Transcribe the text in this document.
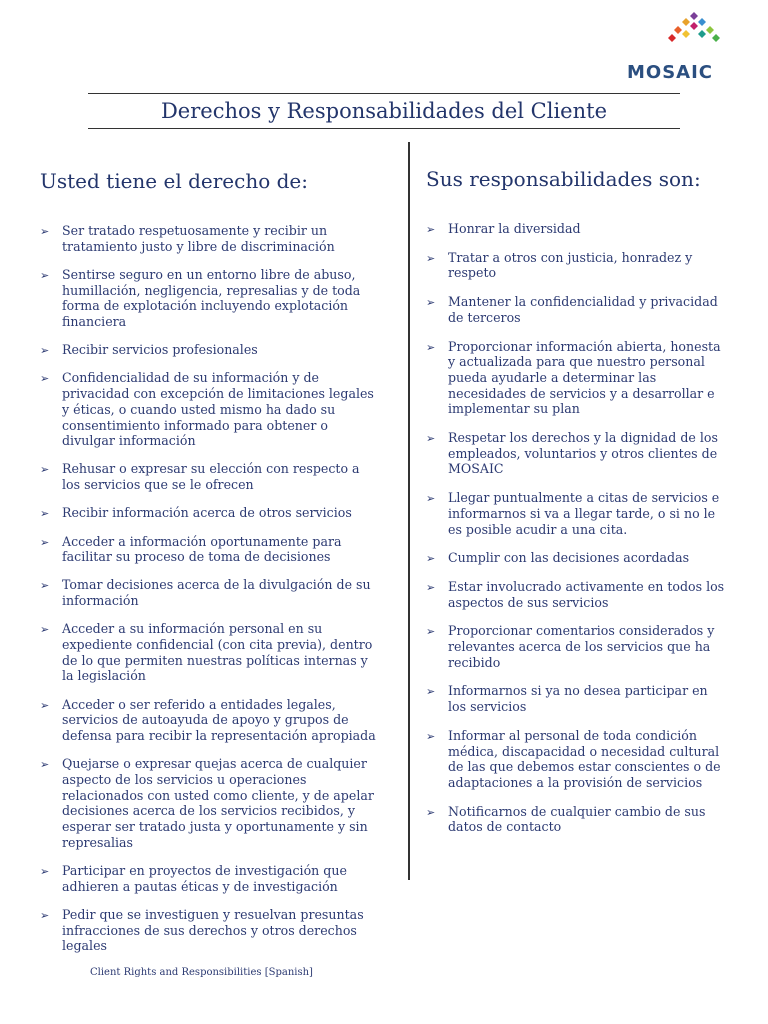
MOSAIC
Derechos y Responsabilidades del Cliente
Usted tiene el derecho de:
➢ Ser tratado respetuosamente y recibir un tratamiento justo y libre de discriminación
➢ Sentirse seguro en un entorno libre de abuso, humillación, negligencia, represalias y de toda forma de explotación incluyendo explotación financiera
➢ Recibir servicios profesionales
➢ Confidencialidad de su información y de privacidad con excepción de limitaciones legales y éticas, o cuando usted mismo ha dado su consentimiento informado para obtener o divulgar información
➢ Rehusar o expresar su elección con respecto a los servicios que se le ofrecen
➢ Recibir información acerca de otros servicios
➢ Acceder a información oportunamente para facilitar su proceso de toma de decisiones
➢ Tomar decisiones acerca de la divulgación de su información
➢ Acceder a su información personal en su expediente confidencial (con cita previa), dentro de lo que permiten nuestras políticas internas y la legislación
➢ Acceder o ser referido a entidades legales, servicios de autoayuda de apoyo y grupos de defensa para recibir la representación apropiada
➢ Quejarse o expresar quejas acerca de cualquier aspecto de los servicios u operaciones relacionados con usted como cliente, y de apelar decisiones acerca de los servicios recibidos, y esperar ser tratado justa y oportunamente y sin represalias
➢ Participar en proyectos de investigación que adhieren a pautas éticas y de investigación
➢ Pedir que se investiguen y resuelvan presuntas infracciones de sus derechos y otros derechos legales
Sus responsabilidades son:
➢ Honrar la diversidad
➢ Tratar a otros con justicia, honradez y respeto
➢ Mantener la confidencialidad y privacidad de terceros
➢ Proporcionar información abierta, honesta y actualizada para que nuestro personal pueda ayudarle a determinar las necesidades de servicios y a desarrollar e implementar su plan
➢ Respetar los derechos y la dignidad de los empleados, voluntarios y otros clientes de MOSAIC
➢ Llegar puntualmente a citas de servicios e informarnos si va a llegar tarde, o si no le es posible acudir a una cita.
➢ Cumplir con las decisiones acordadas
➢ Estar involucrado activamente en todos los aspectos de sus servicios
➢ Proporcionar comentarios considerados y relevantes acerca de los servicios que ha recibido
➢ Informarnos si ya no desea participar en los servicios
➢ Informar al personal de toda condición médica, discapacidad o necesidad cultural de las que debemos estar conscientes o de adaptaciones a la provisión de servicios
➢ Notificarnos de cualquier cambio de sus datos de contacto
Client Rights and Responsibilities [Spanish]
